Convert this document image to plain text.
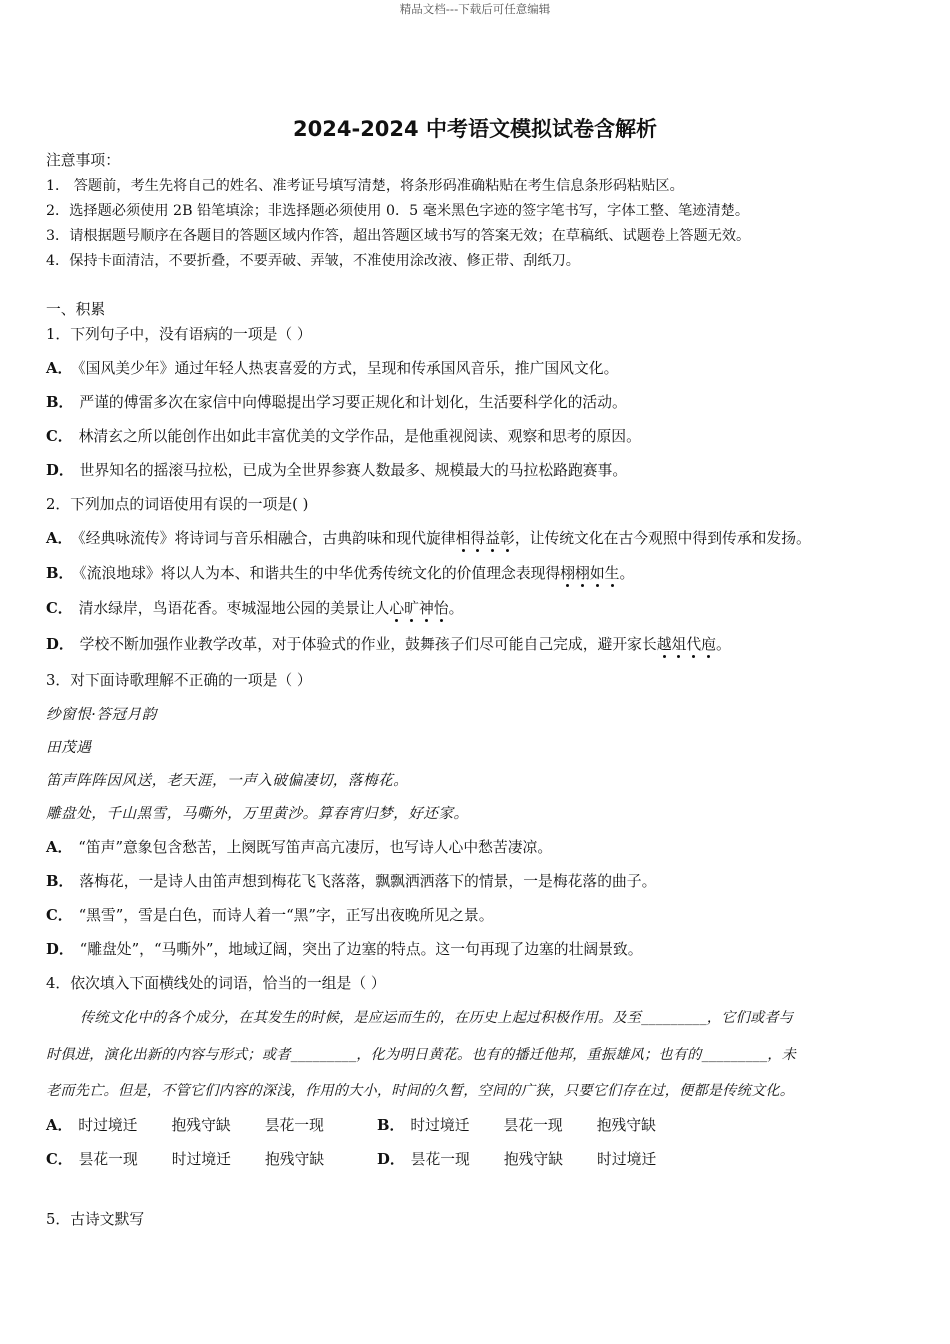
精品文档---下载后可任意编辑
2024-2024 中考语文模拟试卷含解析
注意事项：
1． 答题前，考生先将自己的姓名、准考证号填写清楚，将条形码准确粘贴在考生信息条形码粘贴区。
2．选择题必须使用 2B 铅笔填涂；非选择题必须使用 0．5 毫米黑色字迹的签字笔书写，字体工整、笔迹清楚。
3．请根据题号顺序在各题目的答题区域内作答，超出答题区域书写的答案无效；在草稿纸、试题卷上答题无效。
4．保持卡面清洁，不要折叠，不要弄破、弄皱，不准使用涂改液、修正带、刮纸刀。
一、积累
1．下列句子中，没有语病的一项是（ ）
A． 《国风美少年》通过年轻人热衷喜爱的方式，呈现和传承国风音乐，推广国风文化。
B． 严谨的傅雷多次在家信中向傅聪提出学习要正规化和计划化，生活要科学化的活动。
C． 林清玄之所以能创作出如此丰富优美的文学作品，是他重视阅读、观察和思考的原因。
D． 世界知名的摇滚马拉松，已成为全世界参赛人数最多、规模最大的马拉松路跑赛事。
2．下列加点的词语使用有误的一项是( )
A． 《经典咏流传》将诗词与音乐相融合，古典韵味和现代旋律相得益彰，让传统文化在古今观照中得到传承和发扬。
B． 《流浪地球》将以人为本、和谐共生的中华优秀传统文化的价值理念表现得栩栩如生。
C． 清水绿岸，鸟语花香。枣城湿地公园的美景让人心旷神怡。
D． 学校不断加强作业教学改革，对于体验式的作业，鼓舞孩子们尽可能自己完成，避开家长越俎代庖。
3．对下面诗歌理解不正确的一项是（ ）
纱窗恨·答冠月韵
田茂遇
笛声阵阵因风送，老天涯，一声入破偏凄切，落梅花。
雕盘处，千山黑雪，马嘶外，万里黄沙。算春宵归梦，好还家。
A． “笛声”意象包含愁苦，上阕既写笛声高亢凄厉，也写诗人心中愁苦凄凉。
B． 落梅花，一是诗人由笛声想到梅花飞飞落落，飘飘洒洒落下的情景，一是梅花落的曲子。
C． “黑雪”，雪是白色，而诗人着一“黑”字，正写出夜晚所见之景。
D． “雕盘处”，“马嘶外”，地域辽阔，突出了边塞的特点。这一句再现了边塞的壮阔景致。
4．依次填入下面横线处的词语，恰当的一组是（ ）
传统文化中的各个成分，在其发生的时候，是应运而生的，在历史上起过积极作用。及至_________，它们或者与
时俱进，演化出新的内容与形式；或者_________，化为明日黄花。也有的播迁他邦，重振雄风；也有的_________，未
老而先亡。但是，不管它们内容的深浅，作用的大小，时间的久暂，空间的广狭，只要它们存在过，便都是传统文化。
A． 时过境迁 抱残守缺 昙花一现	B． 时过境迁 昙花一现 抱残守缺
C． 昙花一现 时过境迁 抱残守缺	D． 昙花一现 抱残守缺 时过境迁
5．古诗文默写
